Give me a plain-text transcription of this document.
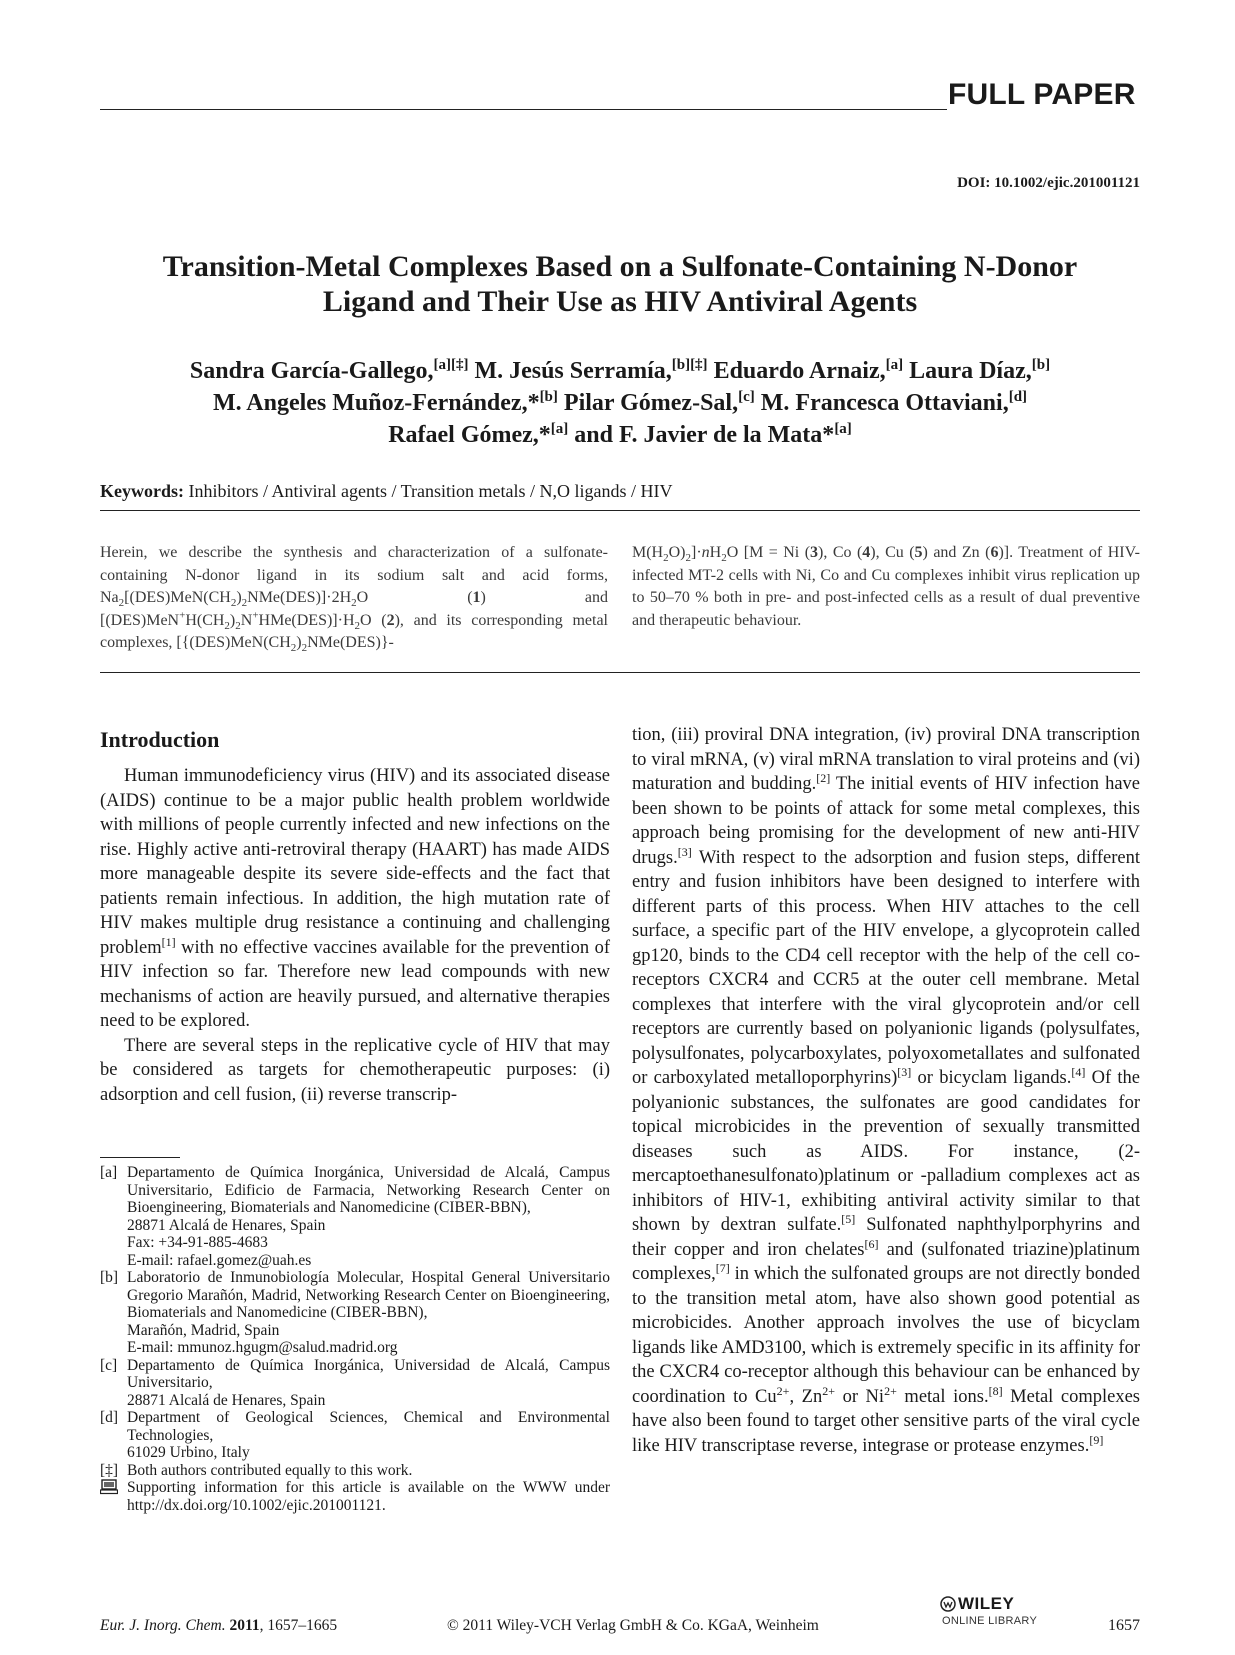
FULL PAPER
DOI: 10.1002/ejic.201001121
Transition-Metal Complexes Based on a Sulfonate-Containing N-Donor
Ligand and Their Use as HIV Antiviral Agents
Sandra García-Gallego,[a][‡] M. Jesús Serramía,[b][‡] Eduardo Arnaiz,[a] Laura Díaz,[b]
M. Angeles Muñoz-Fernández,*[b] Pilar Gómez-Sal,[c] M. Francesca Ottaviani,[d]
Rafael Gómez,*[a] and F. Javier de la Mata*[a]
Keywords: Inhibitors / Antiviral agents / Transition metals / N,O ligands / HIV
Herein, we describe the synthesis and characterization of a sulfonate-containing N-donor ligand in its sodium salt and acid forms, $Na_2[(DES)MeN(CH_2)_2NMe(DES)]\cdot 2H_2O$ (1) and $[(DES)MeN^+H(CH_2)_2N^+HMe(DES)]\cdot H_2O$ (2), and its corresponding metal complexes, [$\{(DES)MeN(CH_2)_2NMe(DES)\}-$
$M(H_2O)_2]\cdot nH_2O$ [M = Ni (3), Co (4), Cu (5) and Zn (6)]. Treatment of HIV-infected MT-2 cells with Ni, Co and Cu complexes inhibit virus replication up to 50–70 % both in pre- and post-infected cells as a result of dual preventive and therapeutic behaviour.
Introduction

Human immunodeficiency virus (HIV) and its associated disease (AIDS) continue to be a major public health problem worldwide with millions of people currently infected and new infections on the rise. Highly active anti-retroviral therapy (HAART) has made AIDS more manageable despite its severe side-effects and the fact that patients remain infectious. In addition, the high mutation rate of HIV makes multiple drug resistance a continuing and challenging problem[1] with no effective vaccines available for the prevention of HIV infection so far. Therefore new lead compounds with new mechanisms of action are heavily pursued, and alternative therapies need to be explored.

There are several steps in the replicative cycle of HIV that may be considered as targets for chemotherapeutic purposes: (i) adsorption and cell fusion, (ii) reverse transcrip-

tion, (iii) proviral DNA integration, (iv) proviral DNA transcription to viral mRNA, (v) viral mRNA translation to viral proteins and (vi) maturation and budding.[2] The initial events of HIV infection have been shown to be points of attack for some metal complexes, this approach being promising for the development of new anti-HIV drugs.[3] With respect to the adsorption and fusion steps, different entry and fusion inhibitors have been designed to interfere with different parts of this process. When HIV attaches to the cell surface, a specific part of the HIV envelope, a glycoprotein called gp120, binds to the CD4 cell receptor with the help of the cell co-receptors CXCR4 and CCR5 at the outer cell membrane. Metal complexes that interfere with the viral glycoprotein and/or cell receptors are currently based on polyanionic ligands (polysulfates, polysulfonates, polycarboxylates, polyoxometallates and sulfonated or carboxylated metalloporphyrins)[3] or bicyclam ligands.[4] Of the polyanionic substances, the sulfonates are good candidates for topical microbicides in the prevention of sexually transmitted diseases such as AIDS. For instance, (2-mercaptoethanesulfonato)platinum or -palladium complexes act as inhibitors of HIV-1, exhibiting antiviral activity similar to that shown by dextran sulfate.[5] Sulfonated naphthylporphyrins and their copper and iron chelates[6] and (sulfonated triazine)platinum complexes,[7] in which the sulfonated groups are not directly bonded to the transition metal atom, have also shown good potential as microbicides. Another approach involves the use of bicyclam ligands like AMD3100, which is extremely specific in its affinity for the CXCR4 co-receptor although this behaviour can be enhanced by coordination to $Cu^{2+}$, $Zn^{2+}$ or $Ni^{2+}$ metal ions.[8] Metal complexes have also been found to target other sensitive parts of the viral cycle like HIV transcriptase reverse, integrase or protease enzymes.[9]

[a] Departamento de Química Inorgánica, Universidad de Alcalá, Campus Universitario, Edificio de Farmacia, Networking Research Center on Bioengineering, Biomaterials and Nanomedicine (CIBER-BBN),
28871 Alcalá de Henares, Spain
Fax: +34-91-885-4683
E-mail: rafael.gomez@uah.es
[b] Laboratorio de Inmunobiología Molecular, Hospital General Universitario Gregorio Marañón, Madrid, Networking Research Center on Bioengineering, Biomaterials and Nanomedicine (CIBER-BBN),
Marañón, Madrid, Spain
E-mail: mmunoz.hgugm@salud.madrid.org
[c] Departamento de Química Inorgánica, Universidad de Alcalá, Campus Universitario,
28871 Alcalá de Henares, Spain
[d] Department of Geological Sciences, Chemical and Environmental Technologies,
61029 Urbino, Italy
[‡] Both authors contributed equally to this work.
Supporting information for this article is available on the WWW under http://dx.doi.org/10.1002/ejic.201001121.
Eur. J. Inorg. Chem. 2011, 1657–1665	© 2011 Wiley-VCH Verlag GmbH & Co. KGaA, Weinheim
WILEY
ONLINE LIBRARY	1657
